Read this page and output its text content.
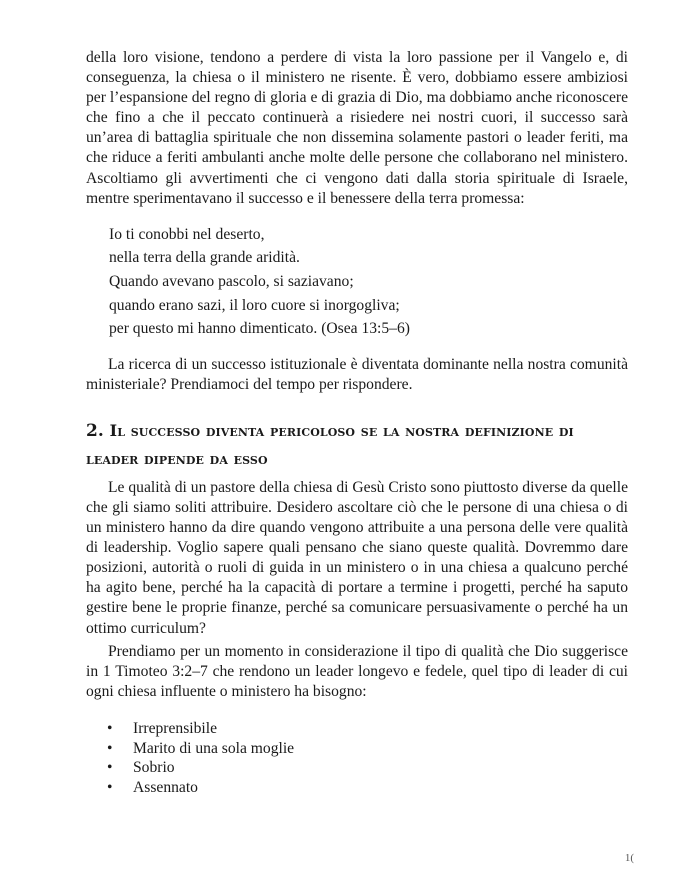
della loro visione, tendono a perdere di vista la loro passione per il Vangelo e, di conseguenza, la chiesa o il ministero ne risente. È vero, dobbiamo essere ambiziosi per l’espansione del regno di gloria e di grazia di Dio, ma dobbiamo anche riconoscere che fino a che il peccato continuerà a risiedere nei nostri cuori, il successo sarà un’area di battaglia spirituale che non dissemina solamente pastori o leader feriti, ma che riduce a feriti ambulanti anche molte delle persone che collaborano nel ministero. Ascoltiamo gli avvertimenti che ci vengono dati dalla storia spirituale di Israele, mentre sperimentavano il successo e il benessere della terra promessa:

Io ti conobbi nel deserto,
nella terra della grande aridità.
Quando avevano pascolo, si saziavano;
quando erano sazi, il loro cuore si inorgogliva;
per questo mi hanno dimenticato. (Osea 13:5–6)

La ricerca di un successo istituzionale è diventata dominante nella nostra comunità ministeriale? Prendiamoci del tempo per rispondere.

2. Il successo diventa pericoloso se la nostra definizione di leader dipende da esso

Le qualità di un pastore della chiesa di Gesù Cristo sono piuttosto diverse da quelle che gli siamo soliti attribuire. Desidero ascoltare ciò che le persone di una chiesa o di un ministero hanno da dire quando vengono attribuite a una persona delle vere qualità di leadership. Voglio sapere quali pensano che siano queste qualità. Dovremmo dare posizioni, autorità o ruoli di guida in un ministero o in una chiesa a qualcuno perché ha agito bene, perché ha la capacità di portare a termine i progetti, perché ha saputo gestire bene le proprie finanze, perché sa comunicare persuasivamente o perché ha un ottimo curriculum?

Prendiamo per un momento in considerazione il tipo di qualità che Dio suggerisce in 1 Timoteo 3:2–7 che rendono un leader longevo e fedele, quel tipo di leader di cui ogni chiesa influente o ministero ha bisogno:

• Irreprensibile
• Marito di una sola moglie
• Sobrio
• Assennato
1(
